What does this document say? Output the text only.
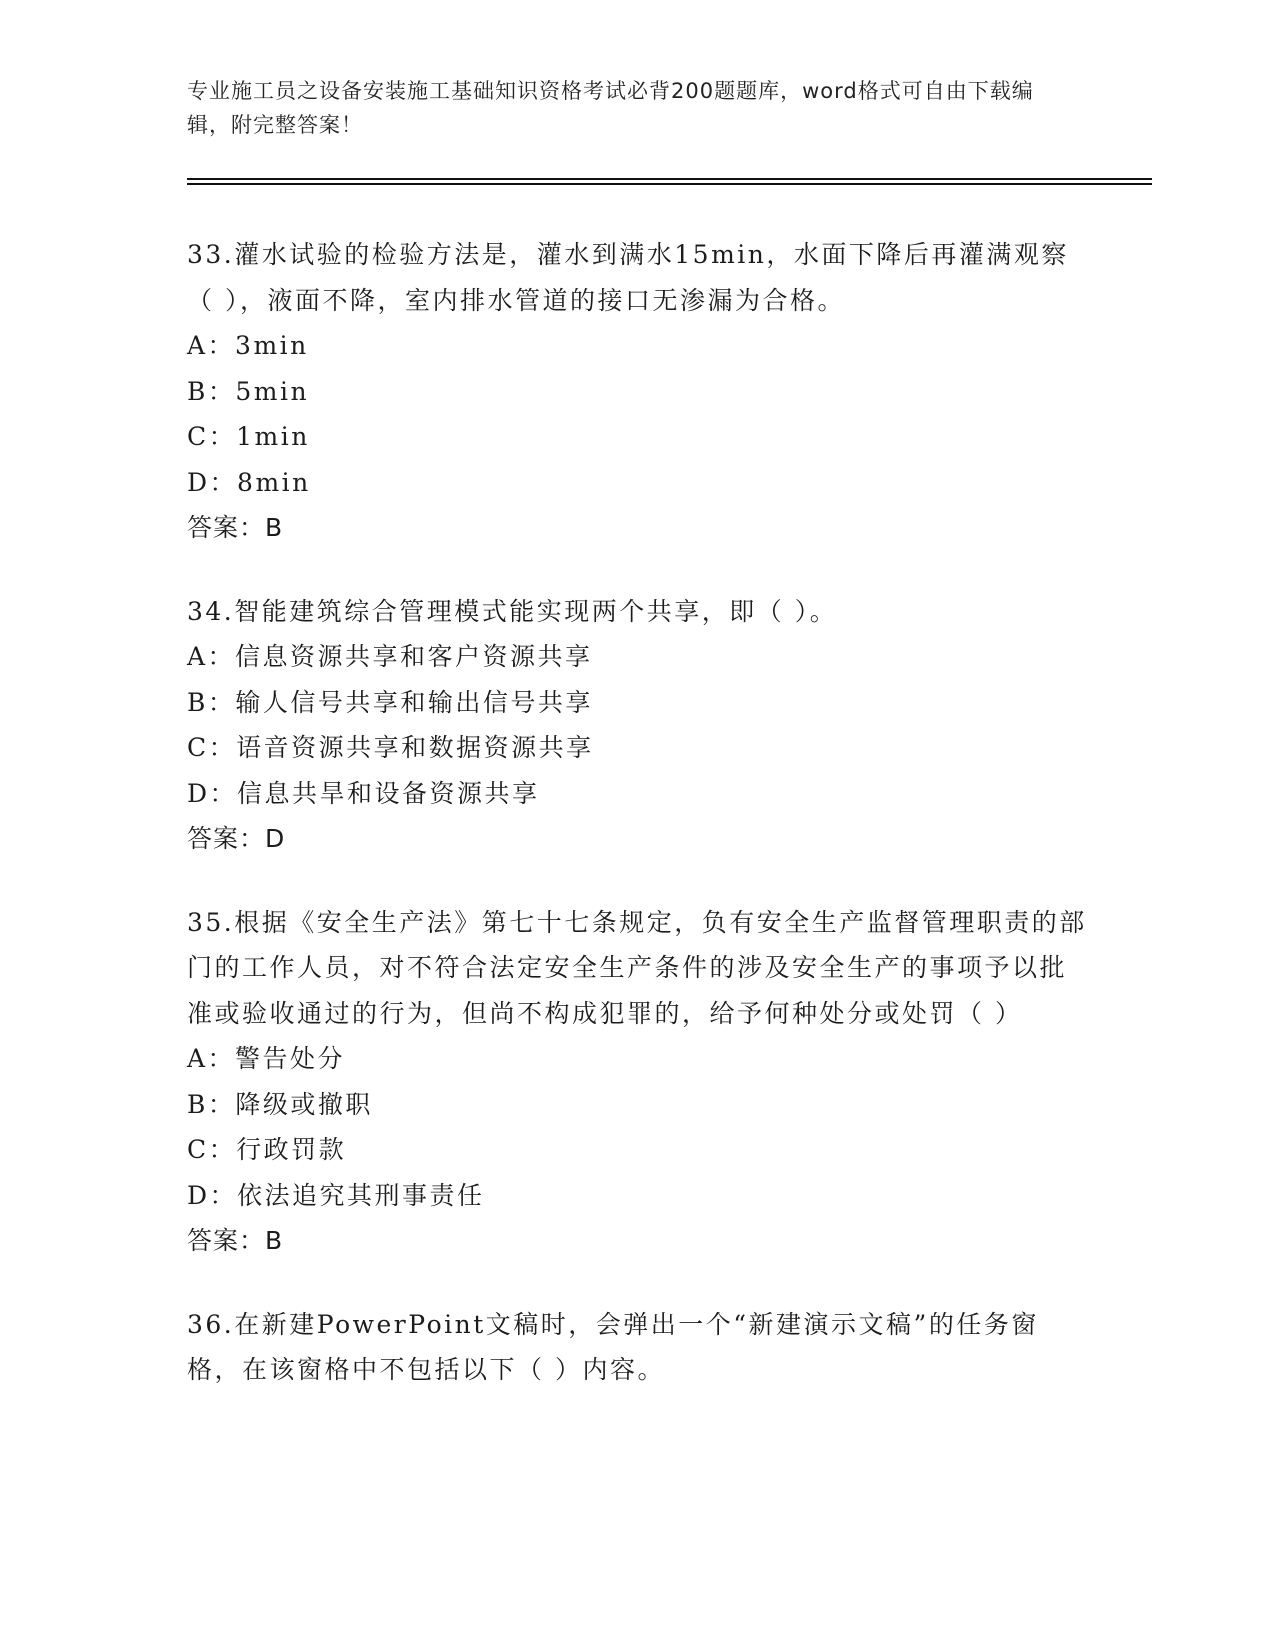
专业施工员之设备安装施工基础知识资格考试必背200题题库，word格式可自由下载编辑，附完整答案！
33.灌水试验的检验方法是，灌水到满水15min，水面下降后再灌满观察（ ），液面不降，室内排水管道的接口无渗漏为合格。
A：3min
B：5min
C：1min
D：8min
答案：B
34.智能建筑综合管理模式能实现两个共享，即（ ）。
A：信息资源共享和客户资源共享
B：输人信号共享和输出信号共享
C：语音资源共享和数据资源共享
D：信息共旱和设备资源共享
答案：D
35.根据《安全生产法》第七十七条规定，负有安全生产监督管理职责的部门的工作人员，对不符合法定安全生产条件的涉及安全生产的事项予以批准或验收通过的行为，但尚不构成犯罪的，给予何种处分或处罚（ ）
A：警告处分
B：降级或撤职
C：行政罚款
D：依法追究其刑事责任
答案：B
36.在新建PowerPoint文稿时，会弹出一个“新建演示文稿”的任务窗格，在该窗格中不包括以下（ ）内容。
